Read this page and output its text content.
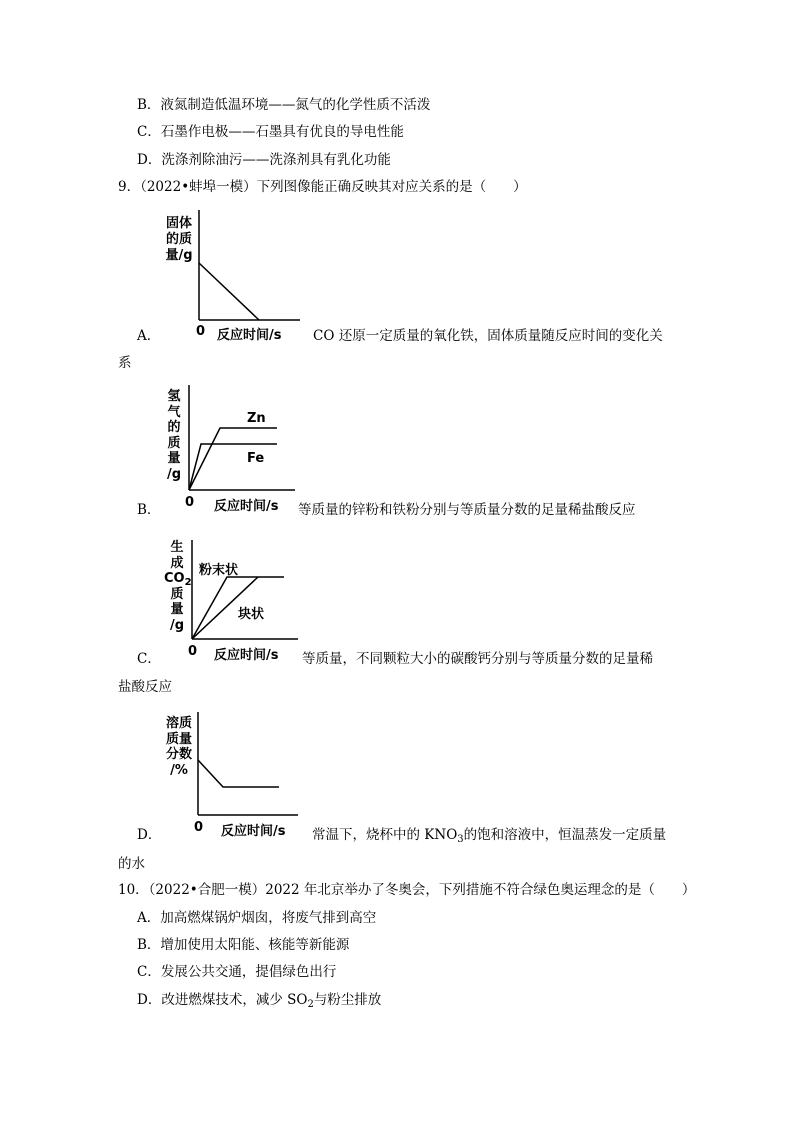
B．液氮制造低温环境——氮气的化学性质不活泼
C．石墨作电极——石墨具有优良的导电性能
D．洗涤剂除油污——洗涤剂具有乳化功能
9．（2022•蚌埠一模）下列图像能正确反映其对应关系的是（　　）
固体
的质
量/g
0 反应时间/s
A．	CO 还原一定质量的氧化铁，固体质量随反应时间的变化关
系
氢
气
的
质
量
/g
Zn
Fe
0 反应时间/s
B．	等质量的锌粉和铁粉分别与等质量分数的足量稀盐酸反应
生
成
$CO_2$
质
量
/g
粉末状
块状
0 反应时间/s
C．	等质量，不同颗粒大小的碳酸钙分别与等质量分数的足量稀
盐酸反应
溶质
质量
分数
/%
0 反应时间/s
D．	常温下，烧杯中的 $KNO_3$的饱和溶液中，恒温蒸发一定质量
的水
10．（2022•合肥一模）2022 年北京举办了冬奥会，下列措施不符合绿色奥运理念的是（　　）
A．加高燃煤锅炉烟囱，将废气排到高空
B．增加使用太阳能、核能等新能源
C．发展公共交通，提倡绿色出行
D．改进燃煤技术，减少 $SO_2$与粉尘排放
